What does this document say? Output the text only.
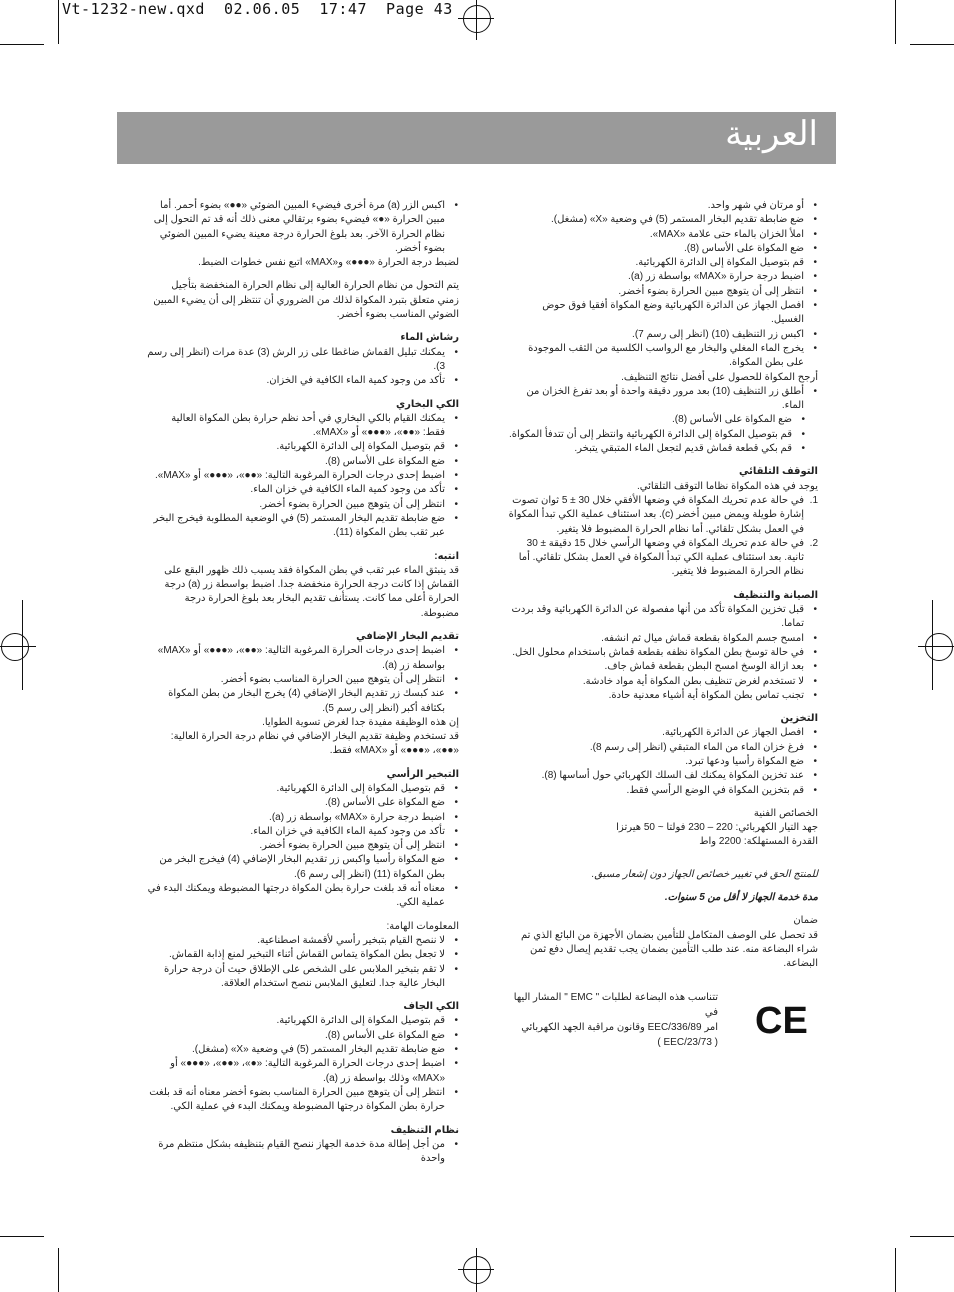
Vt-1232-new.qxd  02.06.05  17:47  Page 43
العربية
• أو مرتان في شهر واحد.
• ضع ضابطة تقديم البخار المستمر (5) في وضعية «X» (مشغل).
• املأ الخزان بالماء حتى علامة «MAX».
• ضع المكواة على الأساس (8).
• قم بتوصيل المكواة إلى الدائرة الكهربائية.
• اضبط درجة حرارة «MAX» بواسطة زر (a).
• انتظر إلى أن يتوهج مبين الحرارة بضوء أخضر.
• افصل الجهاز عن الدائرة الكهربائية وضع المكواة أفقيا فوق حوض الغسيل.
• اكبس زر التنظيف (10) (انظر إلى رسم 7).
• يخرج الماء المغلي والبخار مع الرواسب الكلسية من الثقب الموجودة على بطن المكواة.

أرجح المكواة للحصول على أفضل نتائج التنظيف.

• أطلق زر التنظيف (10) بعد مرور دقيقة واحدة أو بعد تفرغ الخزان من الماء.
• ضع المكواة على الأساس (8).
• قم بتوصيل المكواة إلى الدائرة الكهربائية وانتظر إلى أن تتدفأ المكواة.
• قم بكي قطعة قماش قديم لتجعل الماء المتبقي يتبخر.

التوقف التلقائي

يوجد في هذه المكواة نظاما التوقف التلقائي.

1.
في حالة عدم تحريك المكواة في وضعها الأفقي خلال 30 ± 5 ثوان تصوت إشارة طويلة ويمض مبين أخضر (c). بعد استئناف عملية الكي تبدأ المكواة في العمل بشكل تلقائي. أما نظام الحرارة المضبوط فلا يتغير.
2.
في حالة عدم تحريك المكواة في وضعها الرأسي خلال 15 دقيقة ± 30 ثانية. بعد استئناف عملية الكي تبدأ المكواة في العمل بشكل تلقائي. أما نظام الحرارة المضبوط فلا يتغير.

الصيانة والتنظيف

• قبل تخزين المكواة تأكد من أنها مفصولة عن الدائرة الكهربائية وقد بردت تماما.
• امسح جسم المكواة بقطعة قماش ميال ثم انشفه.
• في حالة توسخ بطن المكواة نظفه بقطعة قماش باستخدام محلول الخل.
• بعد ازالة الوسخ امسح البطن بقطعة قماش جاف.
• لا تستخدم لغرض تنظيف بطن المكواة أية مواد خادشة.
• تجنب تماس بطن المكواة أية أشياء معدنية حادة.

التخزين

• افصل الجهاز عن الدائرة الكهربائية.
• فرغ خزان الماء من الماء المتبقي (انظر إلى رسم 8).
• ضع المكواة رأسيا ودعها تبرد.
• عند تخزين المكواة يمكنك لف السلك الكهربائي حول أساسها (8).
• قم بتخزين المكواة في الوضع الرأسي فقط.

الخصائص الفنية

جهد التيار الكهربائي: 220 – 230 فولتا ~ 50 هيرتزا

القدرة المستهلكة: 2200 واط

للمنتج الحق في تغيير خصائص الجهاز دون إشعار مسبق.

مدة خدمة الجهاز لا أقل من 5 سنوات.

ضمان

قد تحصل على الوصف المتكامل للتأمين بضمان الأجهزة من البائع الذي تم شراء البضاعة منه. عند طلب التأمين بضمان يجب تقديم إيصال دفع ثمن البضاعة.

• اكبس الزر (a) مرة أخرى فيضيء المبين الضوئي «●●» بضوء أحمر. أما مبين الحرارة «●» فيضيء بضوء برتقالي معنى ذلك أنه قد تم التحول إلى نظام الحرارة الآخر. بعد بلوغ الحرارة درجة معينة يضيء المبين الضوئي بضوء أخضر.

لضبط درجة الحرارة «●●●» و«MAX» اتبع نفس خطوات الضبط.

يتم التحول من نظام الحرارة العالية إلى نظام الحرارة المنخفضة بتأجيل زمني متعلق بتبرد المكواة لذلك من الضروري أن تنتظر إلى أن يضيء المبين الضوئي المناسب بضوء أخضر.

رشاش الماء

• يمكنك تبليل القماش ضاغطا على زر الرش (3) عدة مرات (انظر إلى رسم 3).
• تأكد من وجود كمية الماء الكافية في الخزان.

الكي البخاري

• يمكنك القيام بالكي البخاري في أحد نظم حرارة بطن المكواة العالية فقط: «●●»، «●●●» أو «MAX».
• قم بتوصيل المكواة إلى الدائرة الكهربائية.
• ضع المكواة على الأساس (8).
• اضبط إحدى درجات الحرارة المرغوبة التالية: «●●»، «●●●» أو «MAX».
• تأكد من وجود كمية الماء الكافية في خزان الماء.
• انتظر إلى أن يتوهج مبين الحرارة بضوء أخضر.
• ضع ضابطة تقديم البخار المستمر (5) في الوضعية المطلوبة فيخرج البخر عبر ثقب بطن المكواة (11).

انتبه:

قد ينبثق الماء عبر ثقب في بطن المكواة فقد يسبب ذلك ظهور البقع على القماش إذا كانت درجة الحرارة منخفضة جدا. اضبط بواسطة زر (a) درجة الحرارة أعلى مما كانت. يستأنف تقديم البخار بعد بلوغ الحرارة درجة مضبوطة.

تقديم البخار الإضافي

• اضبط إحدى درجات الحرارة المرغوبة التالية: «●●»، «●●●» أو «MAX» بواسطة زر (a).
• انتظر إلى أن يتوهج مبين الحرارة المناسب بضوء أخضر.
• عند كبسك زر تقديم البخار الإضافي (4) يخرج البخار من بطن المكواة بكثافة أكبر (انظر إلى رسم 5).

إن هذه الوظيفة مفيدة جدا لغرض تسوية الطوايا.

قد تستخدم وظيفة تقديم البخار الإضافي في نظام درجة الحرارة العالية: «●●»، «●●●» أو «MAX» فقط.

التبخير الرأسي

• قم بتوصيل المكواة إلى الدائرة الكهربائية.
• ضع المكواة على الأساس (8).
• اضبط درجة حرارة «MAX» بواسطة زر (a).
• تأكد من وجود كمية الماء الكافية في خزان الماء.
• انتظر إلى أن يتوهج مبين الحرارة بضوء أخضر.
• ضع المكواة رأسيا واكبس زر تقديم البخار الإضافي (4) فيخرج البخر من بطن المكواة (11) (انظر إلى رسم 6).
• معناه أنه قد بلغت حرارة بطن المكواة درجتها المضبوطة ويمكنك البدء في عملية الكي.

المعلومات الهامة:

• لا ننصح القيام بتبخير رأسي لأقمشة اصطناعية.
• لا تجعل بطن المكواة يتماس القماش أثناء التبخير لمنع إذابة القماش.
• لا تقم بتبخير الملابس على الشخص على الإطلاق حيث أن درجة حرارة البخار عالية جدا. لتعليق الملابس ننصح استخدام العلاقة.

الكي الجاف

• قم بتوصيل المكواة إلى الدائرة الكهربائية.
• ضع المكواة على الأساس (8).
• ضع ضابطة تقديم البخار المستمر (5) في وضعية «X» (مشغل).
• اضبط إحدى درجات الحرارة المرغوبة التالية: «●»، «●●»، «●●●» أو «MAX» وذلك بواسطة زر (a).
• انتظر إلى أن يتوهج مبين الحرارة المناسب بضوء أخضر معناه أنه قد بلغت حرارة بطن المكواة درجتها المضبوطة ويمكنك البدء في عملية الكي.

نظام التنظيف

• من أجل إطالة مدة خدمة الجهاز ننصح القيام بتنظيفه بشكل منتظم مرة واحدة

تتناسب هذه البضاعة لطلبات " EMC " المشار اليها في

امر EEC/336/89 وقانون مراقبة الجهد الكهربائي

( EEC/23/73 )

CE
